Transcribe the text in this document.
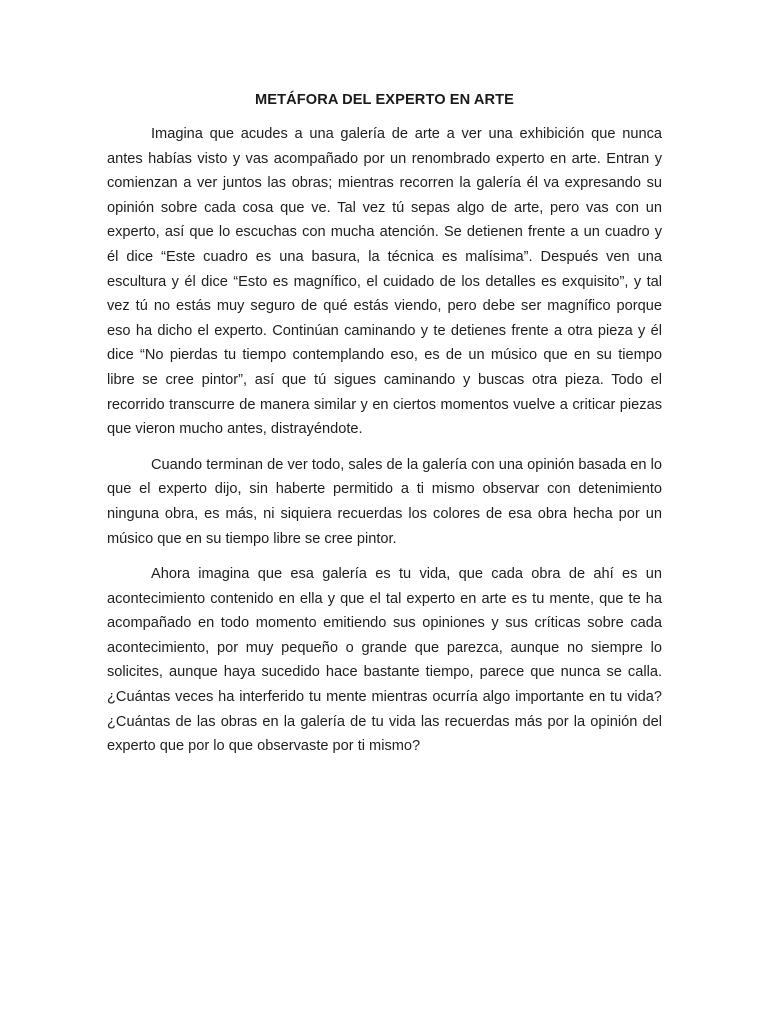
METÁFORA DEL EXPERTO EN ARTE

Imagina que acudes a una galería de arte a ver una exhibición que nunca antes habías visto y vas acompañado por un renombrado experto en arte. Entran y comienzan a ver juntos las obras; mientras recorren la galería él va expresando su opinión sobre cada cosa que ve. Tal vez tú sepas algo de arte, pero vas con un experto, así que lo escuchas con mucha atención. Se detienen frente a un cuadro y él dice “Este cuadro es una basura, la técnica es malísima”. Después ven una escultura y él dice “Esto es magnífico, el cuidado de los detalles es exquisito”, y tal vez tú no estás muy seguro de qué estás viendo, pero debe ser magnífico porque eso ha dicho el experto. Continúan caminando y te detienes frente a otra pieza y él dice “No pierdas tu tiempo contemplando eso, es de un músico que en su tiempo libre se cree pintor”, así que tú sigues caminando y buscas otra pieza. Todo el recorrido transcurre de manera similar y en ciertos momentos vuelve a criticar piezas que vieron mucho antes, distrayéndote.

Cuando terminan de ver todo, sales de la galería con una opinión basada en lo que el experto dijo, sin haberte permitido a ti mismo observar con detenimiento ninguna obra, es más, ni siquiera recuerdas los colores de esa obra hecha por un músico que en su tiempo libre se cree pintor.

Ahora imagina que esa galería es tu vida, que cada obra de ahí es un acontecimiento contenido en ella y que el tal experto en arte es tu mente, que te ha acompañado en todo momento emitiendo sus opiniones y sus críticas sobre cada acontecimiento, por muy pequeño o grande que parezca, aunque no siempre lo solicites, aunque haya sucedido hace bastante tiempo, parece que nunca se calla. ¿Cuántas veces ha interferido tu mente mientras ocurría algo importante en tu vida? ¿Cuántas de las obras en la galería de tu vida las recuerdas más por la opinión del experto que por lo que observaste por ti mismo?
